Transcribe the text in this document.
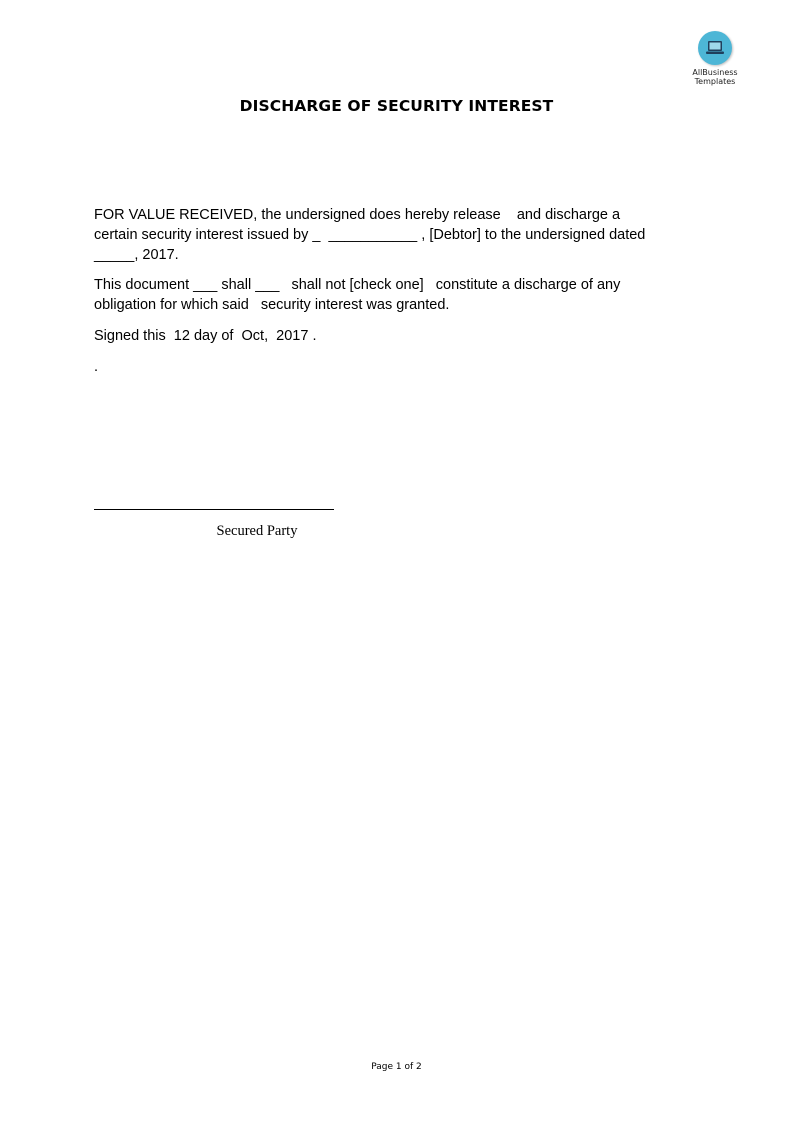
AllBusiness
Templates
DISCHARGE OF SECURITY INTEREST
FOR VALUE RECEIVED, the undersigned does hereby release    and discharge a
certain security interest issued by _  ___________ , [Debtor] to the undersigned dated
_____, 2017.
This document ___ shall ___   shall not [check one]   constitute a discharge of any
obligation for which said   security interest was granted.
Signed this  12 day of  Oct,  2017 .
.
Secured Party
Page 1 of 2
